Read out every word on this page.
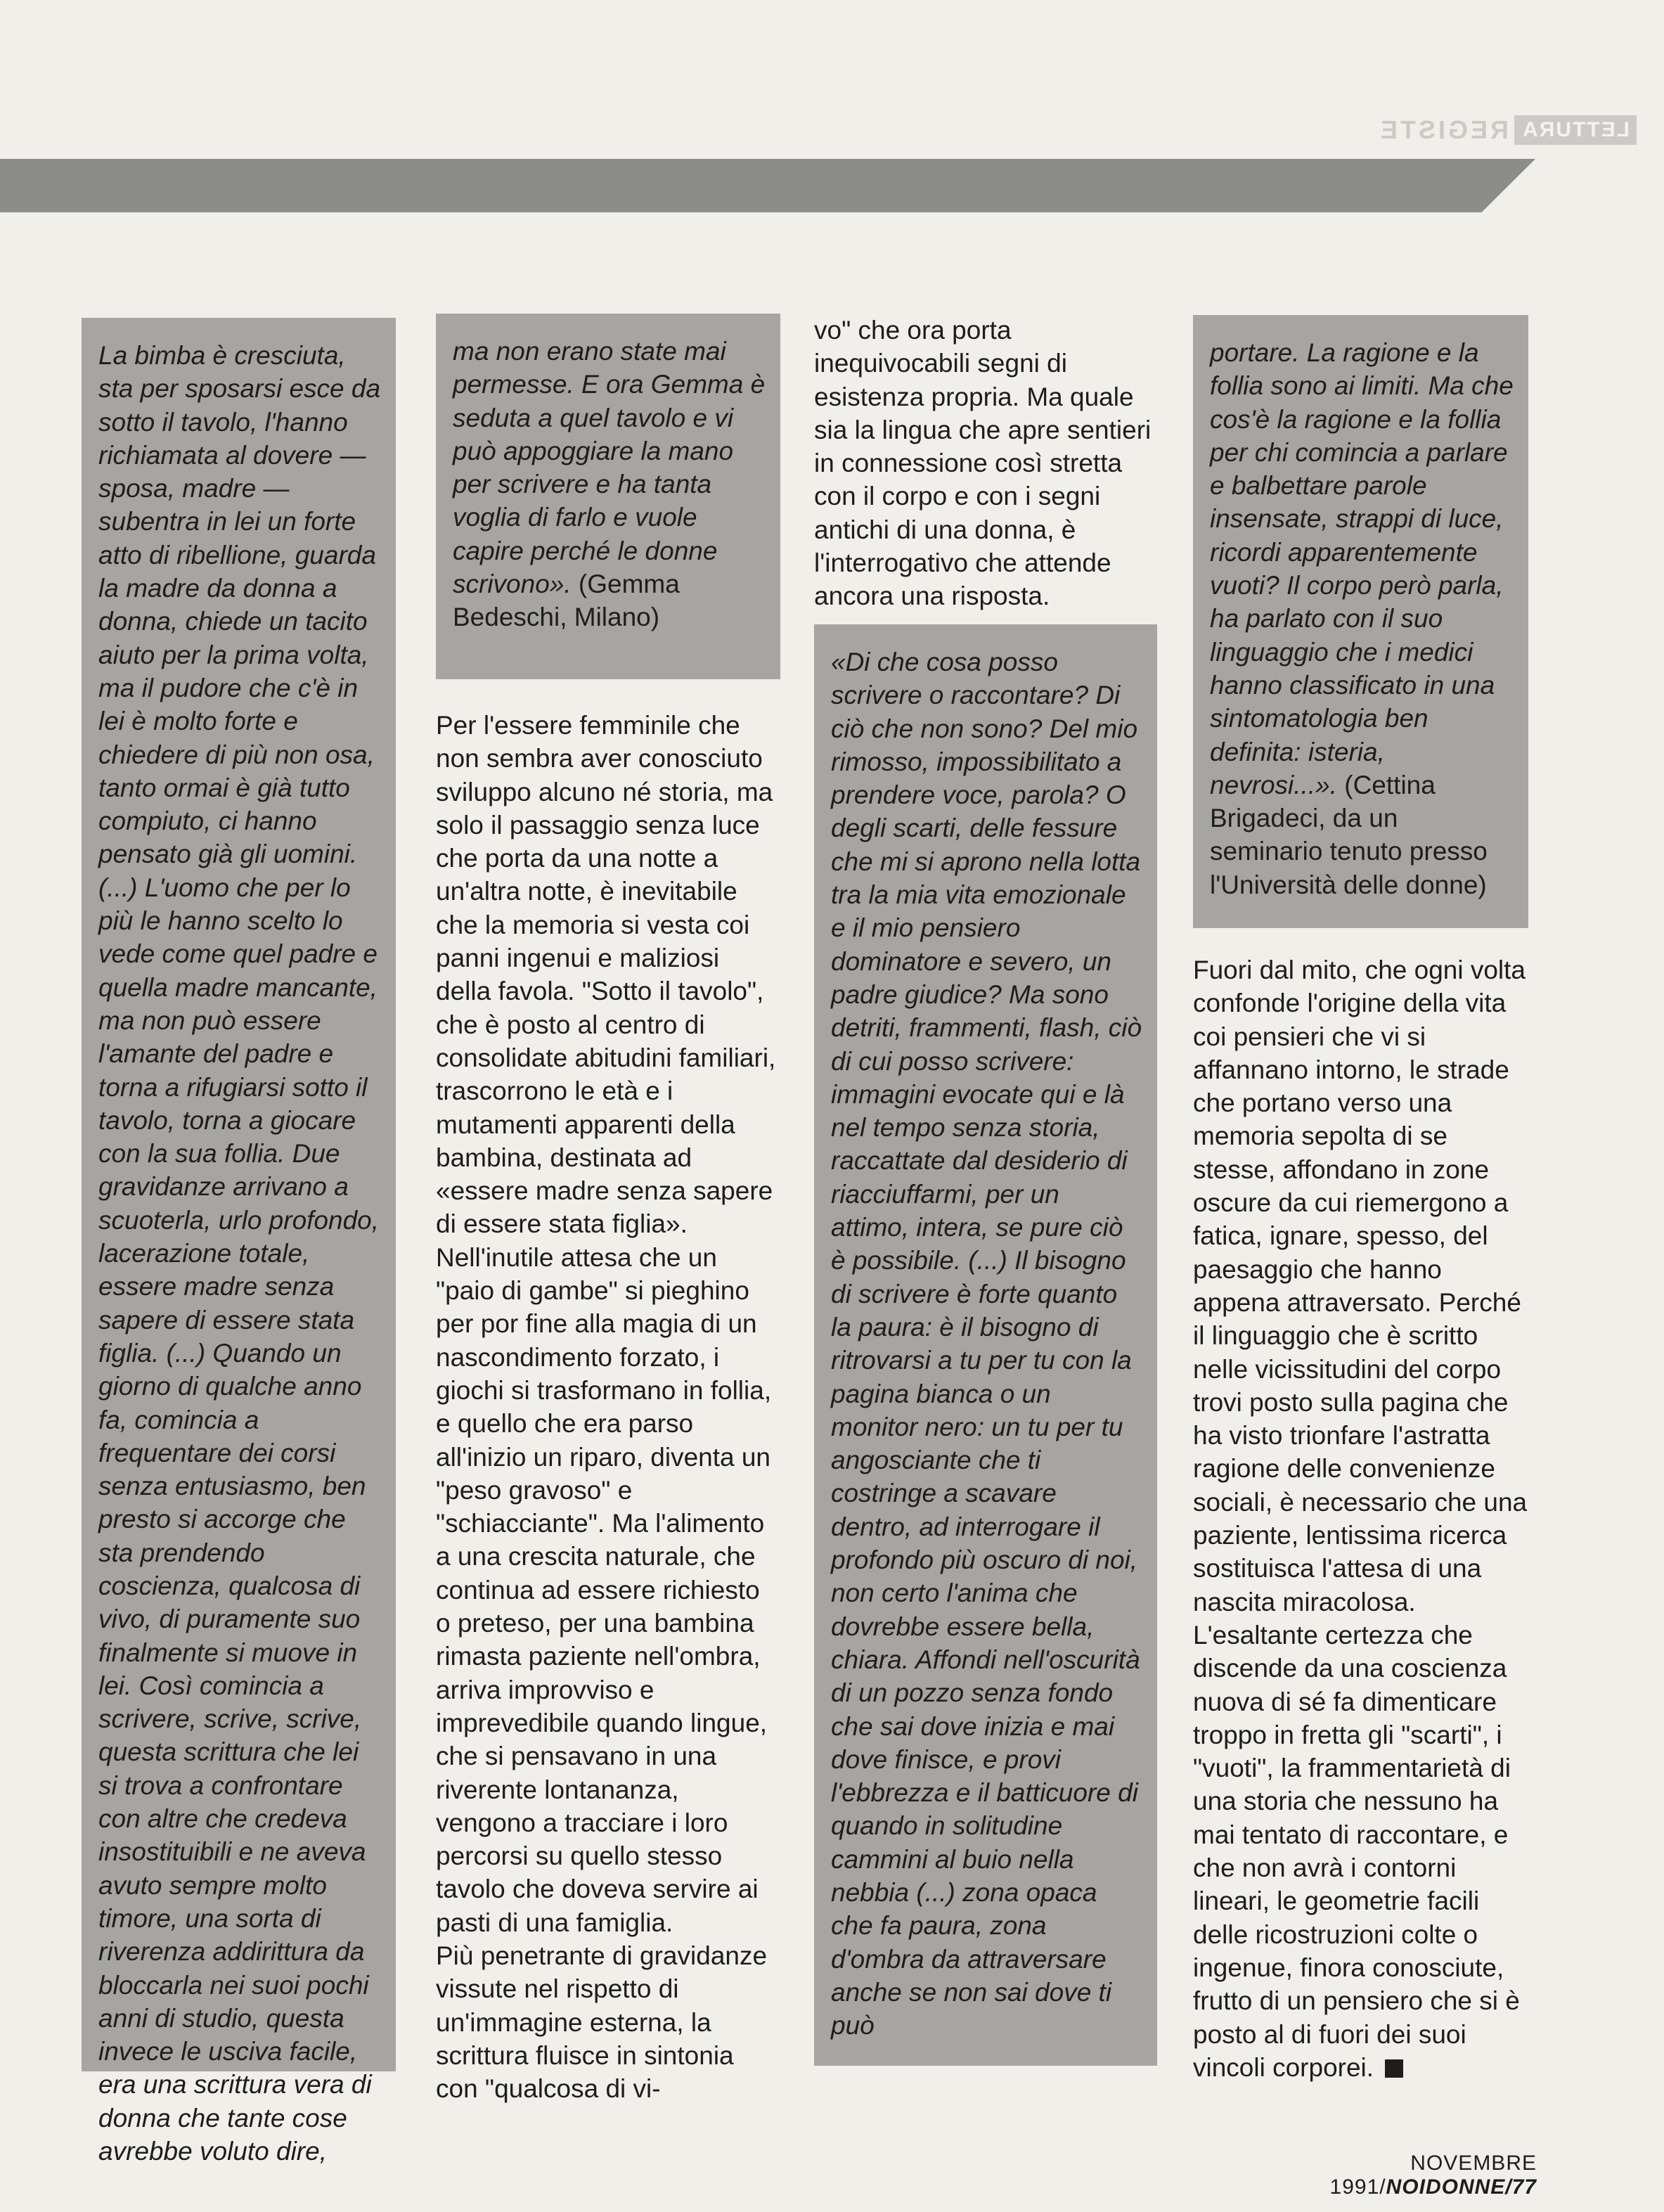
LETTURA
REGISTE

La bimba è cresciuta, sta per sposarsi esce da sotto il tavolo, l'hanno richiamata al dovere — sposa, madre — subentra in lei un forte atto di ribellione, guarda la madre da donna a donna, chiede un tacito aiuto per la prima volta, ma il pudore che c'è in lei è molto forte e chiedere di più non osa, tanto ormai è già tutto compiuto, ci hanno pensato già gli uomini. (...) L'uomo che per lo più le hanno scelto lo vede come quel padre e quella madre mancante, ma non può essere l'amante del padre e torna a rifugiarsi sotto il tavolo, torna a giocare con la sua follia. Due gravidanze arrivano a scuoterla, urlo profondo, lacerazione totale, essere madre senza sapere di essere stata figlia. (...) Quando un giorno di qualche anno fa, comincia a frequentare dei corsi senza entusiasmo, ben presto si accorge che sta prendendo coscienza, qualcosa di vivo, di puramente suo finalmente si muove in lei. Così comincia a scrivere, scrive, scrive, questa scrittura che lei si trova a confrontare con altre che credeva insostituibili e ne aveva avuto sempre molto timore, una sorta di riverenza addirittura da bloccarla nei suoi pochi anni di studio, questa invece le usciva facile, era una scrittura vera di donna che tante cose avrebbe voluto dire,

ma non erano state mai permesse. E ora Gemma è seduta a quel tavolo e vi può appoggiare la mano per scrivere e ha tanta voglia di farlo e vuole capire perché le donne scrivono». (Gemma Bedeschi, Milano)

Per l'essere femminile che non sembra aver conosciuto sviluppo alcuno né storia, ma solo il passaggio senza luce che porta da una notte a un'altra notte, è inevitabile che la memoria si vesta coi panni ingenui e maliziosi della favola. "Sotto il tavolo", che è posto al centro di consolidate abitudini familiari, trascorrono le età e i mutamenti apparenti della bambina, destinata ad «essere madre senza sapere di essere stata figlia». Nell'inutile attesa che un "paio di gambe" si pieghino per por fine alla magia di un nascondimento forzato, i giochi si trasformano in follia, e quello che era parso all'inizio un riparo, diventa un "peso gravoso" e "schiacciante". Ma l'alimento a una crescita naturale, che continua ad essere richiesto o preteso, per una bambina rimasta paziente nell'ombra, arriva improvviso e imprevedibile quando lingue, che si pensavano in una riverente lontananza, vengono a tracciare i loro percorsi su quello stesso tavolo che doveva servire ai pasti di una famiglia.

Più penetrante di gravidanze vissute nel rispetto di un'immagine esterna, la scrittura fluisce in sintonia con "qualcosa di vi-

vo" che ora porta inequivocabili segni di esistenza propria. Ma quale sia la lingua che apre sentieri in connessione così stretta con il corpo e con i segni antichi di una donna, è l'interrogativo che attende ancora una risposta.

«Di che cosa posso scrivere o raccontare? Di ciò che non sono? Del mio rimosso, impossibilitato a prendere voce, parola? O degli scarti, delle fessure che mi si aprono nella lotta tra la mia vita emozionale e il mio pensiero dominatore e severo, un padre giudice? Ma sono detriti, frammenti, flash, ciò di cui posso scrivere: immagini evocate qui e là nel tempo senza storia, raccattate dal desiderio di riacciuffarmi, per un attimo, intera, se pure ciò è possibile. (...) Il bisogno di scrivere è forte quanto la paura: è il bisogno di ritrovarsi a tu per tu con la pagina bianca o un monitor nero: un tu per tu angosciante che ti costringe a scavare dentro, ad interrogare il profondo più oscuro di noi, non certo l'anima che dovrebbe essere bella, chiara. Affondi nell'oscurità di un pozzo senza fondo che sai dove inizia e mai dove finisce, e provi l'ebbrezza e il batticuore di quando in solitudine cammini al buio nella nebbia (...) zona opaca che fa paura, zona d'ombra da attraversare anche se non sai dove ti può

portare. La ragione e la follia sono ai limiti. Ma che cos'è la ragione e la follia per chi comincia a parlare e balbettare parole insensate, strappi di luce, ricordi apparentemente vuoti? Il corpo però parla, ha parlato con il suo linguaggio che i medici hanno classificato in una sintomatologia ben definita: isteria, nevrosi...». (Cettina Brigadeci, da un seminario tenuto presso l'Università delle donne)

Fuori dal mito, che ogni volta confonde l'origine della vita coi pensieri che vi si affannano intorno, le strade che portano verso una memoria sepolta di se stesse, affondano in zone oscure da cui riemergono a fatica, ignare, spesso, del paesaggio che hanno appena attraversato. Perché il linguaggio che è scritto nelle vicissitudini del corpo trovi posto sulla pagina che ha visto trionfare l'astratta ragione delle convenienze sociali, è necessario che una paziente, lentissima ricerca sostituisca l'attesa di una nascita miracolosa. L'esaltante certezza che discende da una coscienza nuova di sé fa dimenticare troppo in fretta gli "scarti", i "vuoti", la frammentarietà di una storia che nessuno ha mai tentato di raccontare, e che non avrà i contorni lineari, le geometrie facili delle ricostruzioni colte o ingenue, finora conosciute, frutto di un pensiero che si è posto al di fuori dei suoi vincoli corporei.

NOVEMBRE 1991/NOIDONNE/77
